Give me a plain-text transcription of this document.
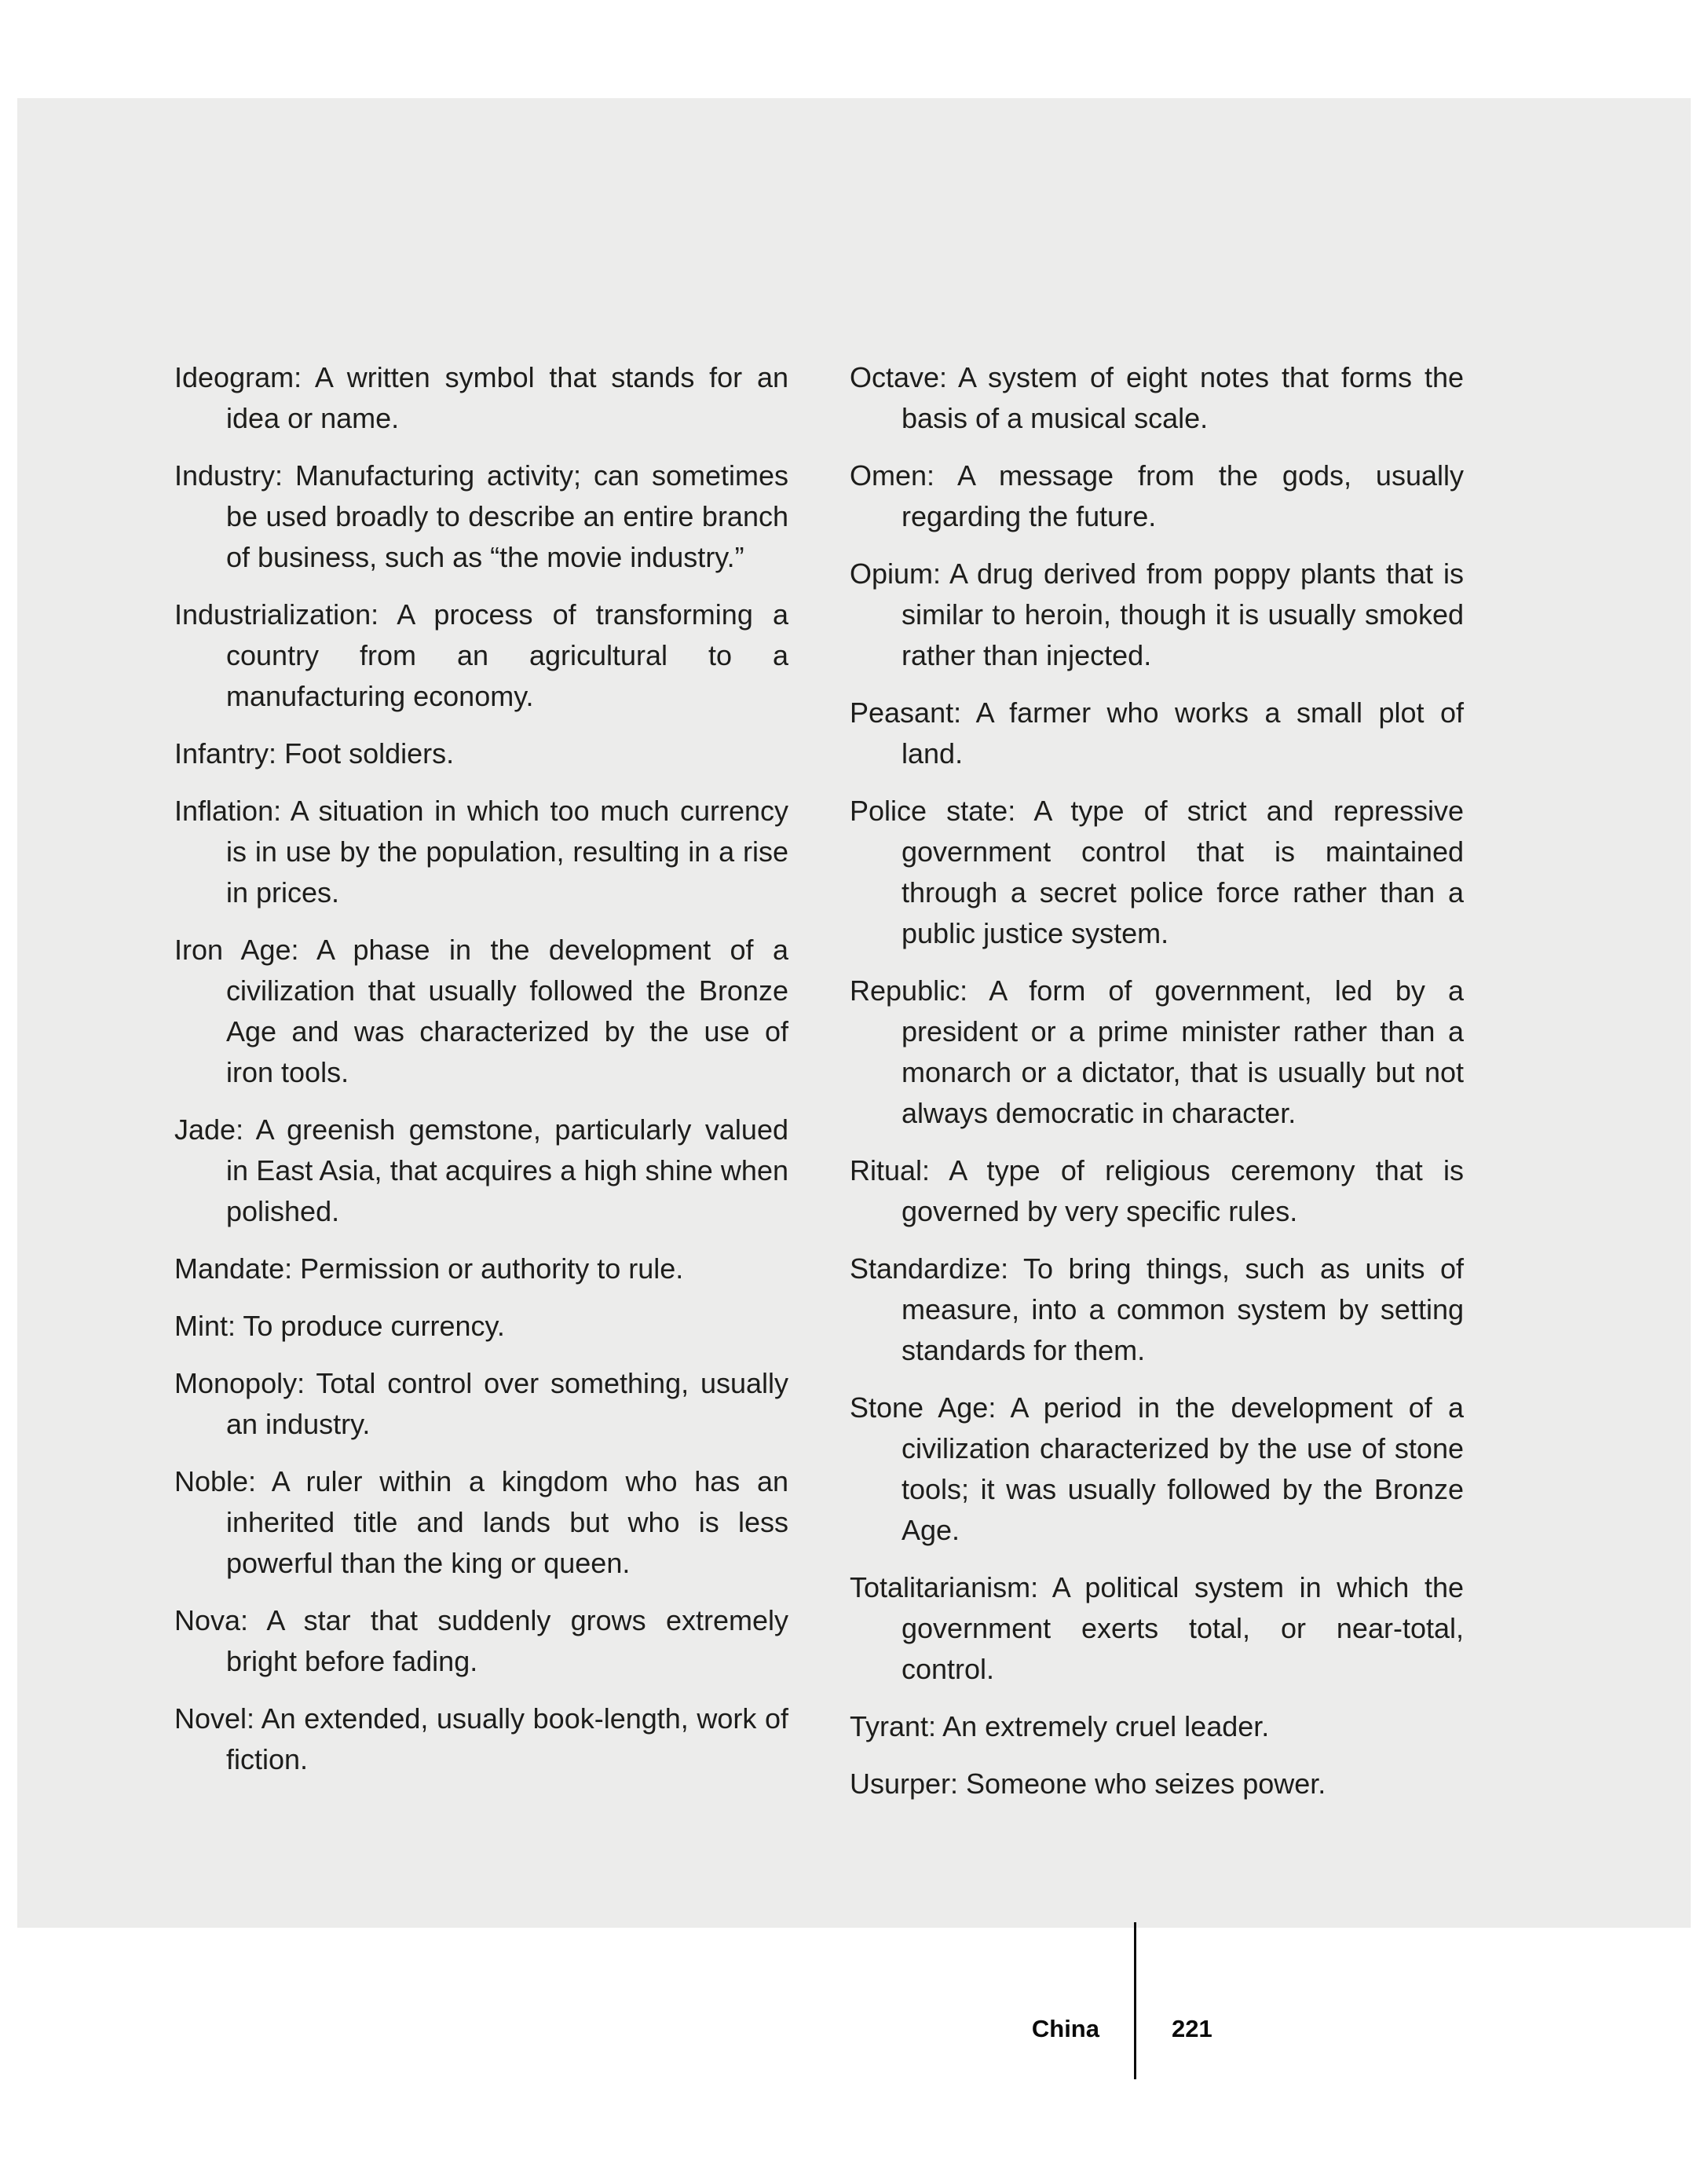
Ideogram: A written symbol that stands for an idea or name.

Industry: Manufacturing activity; can sometimes be used broadly to describe an entire branch of business, such as “the movie industry.”

Industrialization: A process of transforming a country from an agricultural to a manufacturing economy.

Infantry: Foot soldiers.

Inflation: A situation in which too much currency is in use by the population, resulting in a rise in prices.

Iron Age: A phase in the development of a civilization that usually followed the Bronze Age and was characterized by the use of iron tools.

Jade: A greenish gemstone, particularly valued in East Asia, that acquires a high shine when polished.

Mandate: Permission or authority to rule.

Mint: To produce currency.

Monopoly: Total control over something, usually an industry.

Noble: A ruler within a kingdom who has an inherited title and lands but who is less powerful than the king or queen.

Nova: A star that suddenly grows extremely bright before fading.

Novel: An extended, usually book-length, work of fiction.

Octave: A system of eight notes that forms the basis of a musical scale.

Omen: A message from the gods, usually regarding the future.

Opium: A drug derived from poppy plants that is similar to heroin, though it is usually smoked rather than injected.

Peasant: A farmer who works a small plot of land.

Police state: A type of strict and repressive government control that is maintained through a secret police force rather than a public justice system.

Republic: A form of government, led by a president or a prime minister rather than a monarch or a dictator, that is usually but not always democratic in character.

Ritual: A type of religious ceremony that is governed by very specific rules.

Standardize: To bring things, such as units of measure, into a common system by setting standards for them.

Stone Age: A period in the development of a civilization characterized by the use of stone tools; it was usually followed by the Bronze Age.

Totalitarianism: A political system in which the government exerts total, or near-total, control.

Tyrant: An extremely cruel leader.

Usurper: Someone who seizes power.

China	221
